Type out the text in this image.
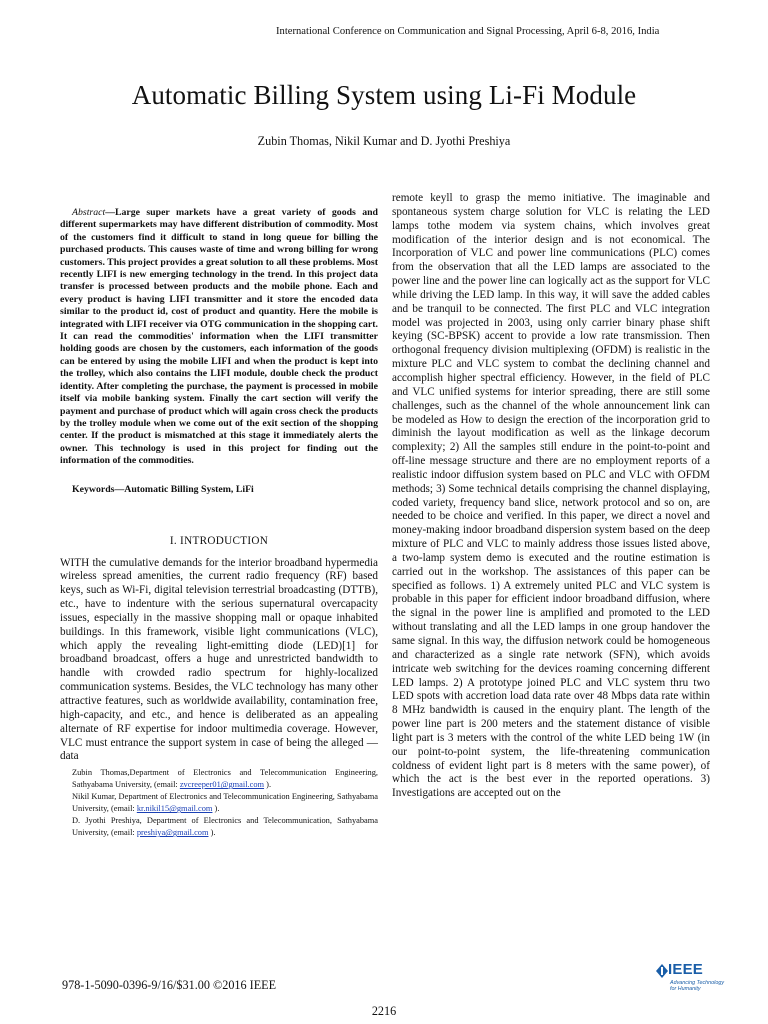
International Conference on Communication and Signal Processing, April 6-8, 2016, India
Automatic Billing System using Li-Fi Module
Zubin Thomas, Nikil Kumar and D. Jyothi Preshiya
Abstract—Large super markets have a great variety of goods and different supermarkets may have different distribution of commodity. Most of the customers find it difficult to stand in long queue for billing the purchased products. This causes waste of time and wrong billing for wrong customers. This project provides a great solution to all these problems. Most recently LIFI is new emerging technology in the trend. In this project data transfer is processed between products and the mobile phone. Each and every product is having LIFI transmitter and it store the encoded data similar to the product id, cost of product and quantity. Here the mobile is integrated with LIFI receiver via OTG communication in the shopping cart. It can read the commodities' information when the LIFI transmitter holding goods are chosen by the customers, each information of the goods can be entered by using the mobile LIFI and when the product is kept into the trolley, which also contains the LIFI module, double check the product identity. After completing the purchase, the payment is processed in mobile itself via mobile banking system. Finally the cart section will verify the payment and purchase of product which will again cross check the products by the trolley module when we come out of the exit section of the shopping center. If the product is mismatched at this stage it immediately alerts the owner. This technology is used in this project for finding out the information of the commodities.
Keywords—Automatic Billing System, LiFi
I. INTRODUCTION
WITH the cumulative demands for the interior broadband hypermedia wireless spread amenities, the current radio frequency (RF) based keys, such as Wi-Fi, digital television terrestrial broadcasting (DTTB), etc., have to indenture with the serious supernatural overcapacity issues, especially in the massive shopping mall or opaque inhabited buildings. In this framework, visible light communications (VLC), which apply the revealing light-emitting diode (LED)[1] for broadband broadcast, offers a huge and unrestricted bandwidth to handle with crowded radio spectrum for highly-localized communication systems. Besides, the VLC technology has many other attractive features, such as worldwide availability, contamination free, high-capacity, and etc., and hence is deliberated as an appealing alternate of RF expertise for indoor multimedia coverage. However, VLC must entrance the support system in case of being the alleged —data

Zubin Thomas,Department of Electronics and Telecommunication Engineering, Sathyabama University, (email: zvcreeper01@gmail.com ).

Nikil Kumar, Department of Electronics and Telecommunication Engineering, Sathyabama University, (email: kr.nikil15@gmail.com ).

D. Jyothi Preshiya, Department of Electronics and Telecommunication, Sathyabama University, (email: preshiya@gmail.com ).

remote keyll to grasp the memo initiative. The imaginable and spontaneous system charge solution for VLC is relating the LED lamps tothe modem via system chains, which involves great modification of the interior design and is not economical. The Incorporation of VLC and power line communications (PLC) comes from the observation that all the LED lamps are associated to the power line and the power line can logically act as the support for VLC while driving the LED lamp. In this way, it will save the added cables and be tranquil to be connected. The first PLC and VLC integration model was projected in 2003, using only carrier binary phase shift keying (SC-BPSK) accent to provide a low rate transmission. Then orthogonal frequency division multiplexing (OFDM) is realistic in the mixture PLC and VLC system to combat the declining channel and accomplish higher spectral efficiency. However, in the field of PLC and VLC unified systems for interior spreading, there are still some challenges, such as the channel of the whole announcement link can be modeled as How to design the erection of the incorporation grid to diminish the layout modification as well as the linkage decorum complexity; 2) All the samples still endure in the point-to-point and off-line message structure and there are no employment reports of a realistic indoor diffusion system based on PLC and VLC with OFDM methods; 3) Some technical details comprising the channel displaying, coded variety, frequency band slice, network protocol and so on, are needed to be choice and verified. In this paper, we direct a novel and money-making indoor broadband dispersion system based on the deep mixture of PLC and VLC to mainly address those issues listed above, a two-lamp system demo is executed and the routine estimation is carried out in the workshop. The assistances of this paper can be specified as follows. 1) A extremely united PLC and VLC system is probable in this paper for efficient indoor broadband diffusion, where the signal in the power line is amplified and promoted to the LED without translating and all the LED lamps in one group handover the same signal. In this way, the diffusion network could be homogeneous and characterized as a single rate network (SFN), which avoids intricate web switching for the devices roaming concerning different LED lamps. 2) A prototype joined PLC and VLC system thru two LED spots with accretion load data rate over 48 Mbps data rate within 8 MHz bandwidth is caused in the enquiry plant. The length of the power line part is 200 meters and the statement distance of visible light part is 3 meters with the control of the white LED being 1W (in our point-to-point system, the life-threatening communication coldness of evident light part is 8 meters with the same power), of which the act is the best ever in the reported operations. 3) Investigations are accepted out on the
978-1-5090-0396-9/16/$31.00 ©2016 IEEE
IEEE
Advancing Technology
for Humanity
2216
